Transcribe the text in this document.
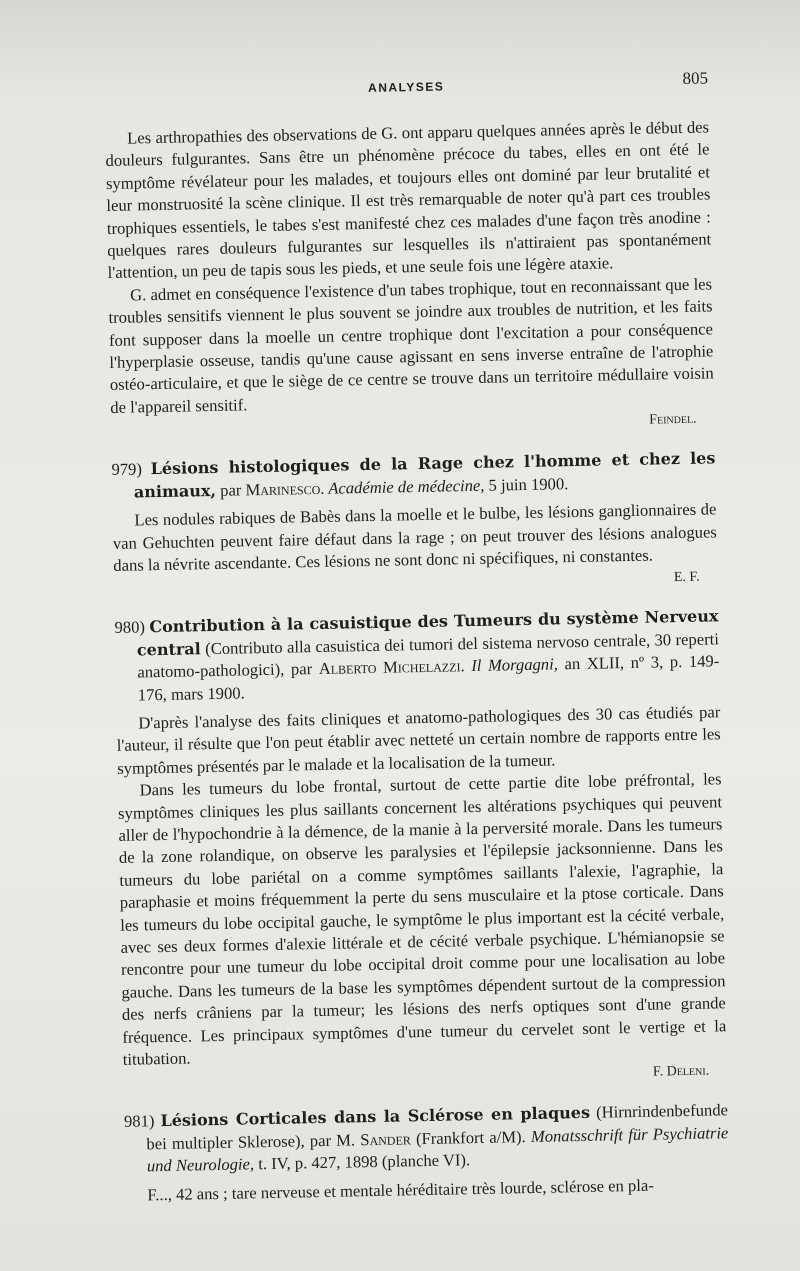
ANALYSES	805

Les arthropathies des observations de G. ont apparu quelques années après le début des douleurs fulgurantes. Sans être un phénomène précoce du tabes, elles en ont été le symptôme révélateur pour les malades, et toujours elles ont dominé par leur brutalité et leur monstruosité la scène clinique. Il est très remarquable de noter qu'à part ces troubles trophiques essentiels, le tabes s'est manifesté chez ces malades d'une façon très anodine : quelques rares douleurs fulgurantes sur lesquelles ils n'attiraient pas spontanément l'attention, un peu de tapis sous les pieds, et une seule fois une légère ataxie.

G. admet en conséquence l'existence d'un tabes trophique, tout en reconnaissant que les troubles sensitifs viennent le plus souvent se joindre aux troubles de nutrition, et les faits font supposer dans la moelle un centre trophique dont l'excitation a pour conséquence l'hyperplasie osseuse, tandis qu'une cause agissant en sens inverse entraîne de l'atrophie ostéo-articulaire, et que le siège de ce centre se trouve dans un territoire médullaire voisin de l'appareil sensitif.

Feindel.
979) Lésions histologiques de la Rage chez l'homme et chez les animaux, par Marinesco. Académie de médecine, 5 juin 1900.

Les nodules rabiques de Babès dans la moelle et le bulbe, les lésions ganglionnaires de van Gehuchten peuvent faire défaut dans la rage ; on peut trouver des lésions analogues dans la névrite ascendante. Ces lésions ne sont donc ni spécifiques, ni constantes.

E. F.
980) Contribution à la casuistique des Tumeurs du système Nerveux central (Contributo alla casuistica dei tumori del sistema nervoso centrale, 30 reperti anatomo-pathologici), par Alberto Michelazzi. Il Morgagni, an XLII, nº 3, p. 149-176, mars 1900.

D'après l'analyse des faits cliniques et anatomo-pathologiques des 30 cas étudiés par l'auteur, il résulte que l'on peut établir avec netteté un certain nombre de rapports entre les symptômes présentés par le malade et la localisation de la tumeur.

Dans les tumeurs du lobe frontal, surtout de cette partie dite lobe préfrontal, les symptômes cliniques les plus saillants concernent les altérations psychiques qui peuvent aller de l'hypochondrie à la démence, de la manie à la perversité morale. Dans les tumeurs de la zone rolandique, on observe les paralysies et l'épilepsie jacksonnienne. Dans les tumeurs du lobe pariétal on a comme symptômes saillants l'alexie, l'agraphie, la paraphasie et moins fréquemment la perte du sens musculaire et la ptose corticale. Dans les tumeurs du lobe occipital gauche, le symptôme le plus important est la cécité verbale, avec ses deux formes d'alexie littérale et de cécité verbale psychique. L'hémianopsie se rencontre pour une tumeur du lobe occipital droit comme pour une localisation au lobe gauche. Dans les tumeurs de la base les symptômes dépendent surtout de la compression des nerfs crâniens par la tumeur; les lésions des nerfs optiques sont d'une grande fréquence. Les principaux symptômes d'une tumeur du cervelet sont le vertige et la titubation.

F. Deleni.
981) Lésions Corticales dans la Sclérose en plaques (Hirnrindenbefunde bei multipler Sklerose), par M. Sander (Frankfort a/M). Monatsschrift für Psychiatrie und Neurologie, t. IV, p. 427, 1898 (planche VI).

F..., 42 ans ; tare nerveuse et mentale héréditaire très lourde, sclérose en pla-
